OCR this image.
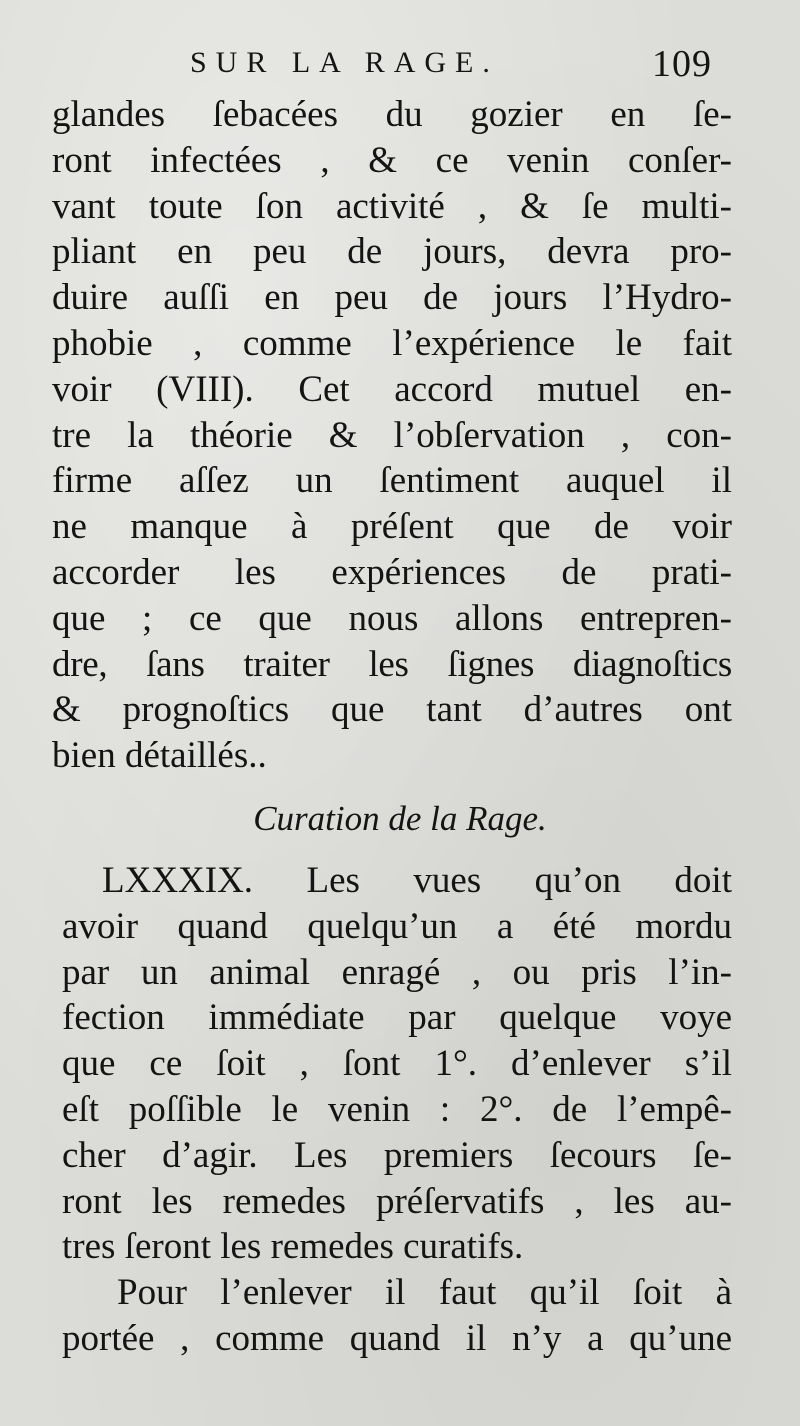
SUR LA RAGE.	109
glandes ſebacées du gozier en ſe-
ront infectées , & ce venin conſer-
vant toute ſon activité , & ſe multi-
pliant en peu de jours, devra pro-
duire auſſi en peu de jours l’Hydro-
phobie , comme l’expérience le fait
voir (VIII). Cet accord mutuel en-
tre la théorie & l’obſervation , con-
firme aſſez un ſentiment auquel il
ne manque à préſent que de voir
accorder les expériences de prati-
que ; ce que nous allons entrepren-
dre, ſans traiter les ſignes diagnoſtics
& prognoſtics que tant d’autres ont
bien détaillés..
Curation de la Rage.
LXXXIX. Les vues qu’on doit
avoir quand quelqu’un a été mordu
par un animal enragé , ou pris l’in-
fection immédiate par quelque voye
que ce ſoit , ſont 1°. d’enlever s’il
eſt poſſible le venin : 2°. de l’empê-
cher d’agir. Les premiers ſecours ſe-
ront les remedes préſervatifs , les au-
tres ſeront les remedes curatifs.
Pour l’enlever il faut qu’il ſoit à
portée , comme quand il n’y a qu’une
